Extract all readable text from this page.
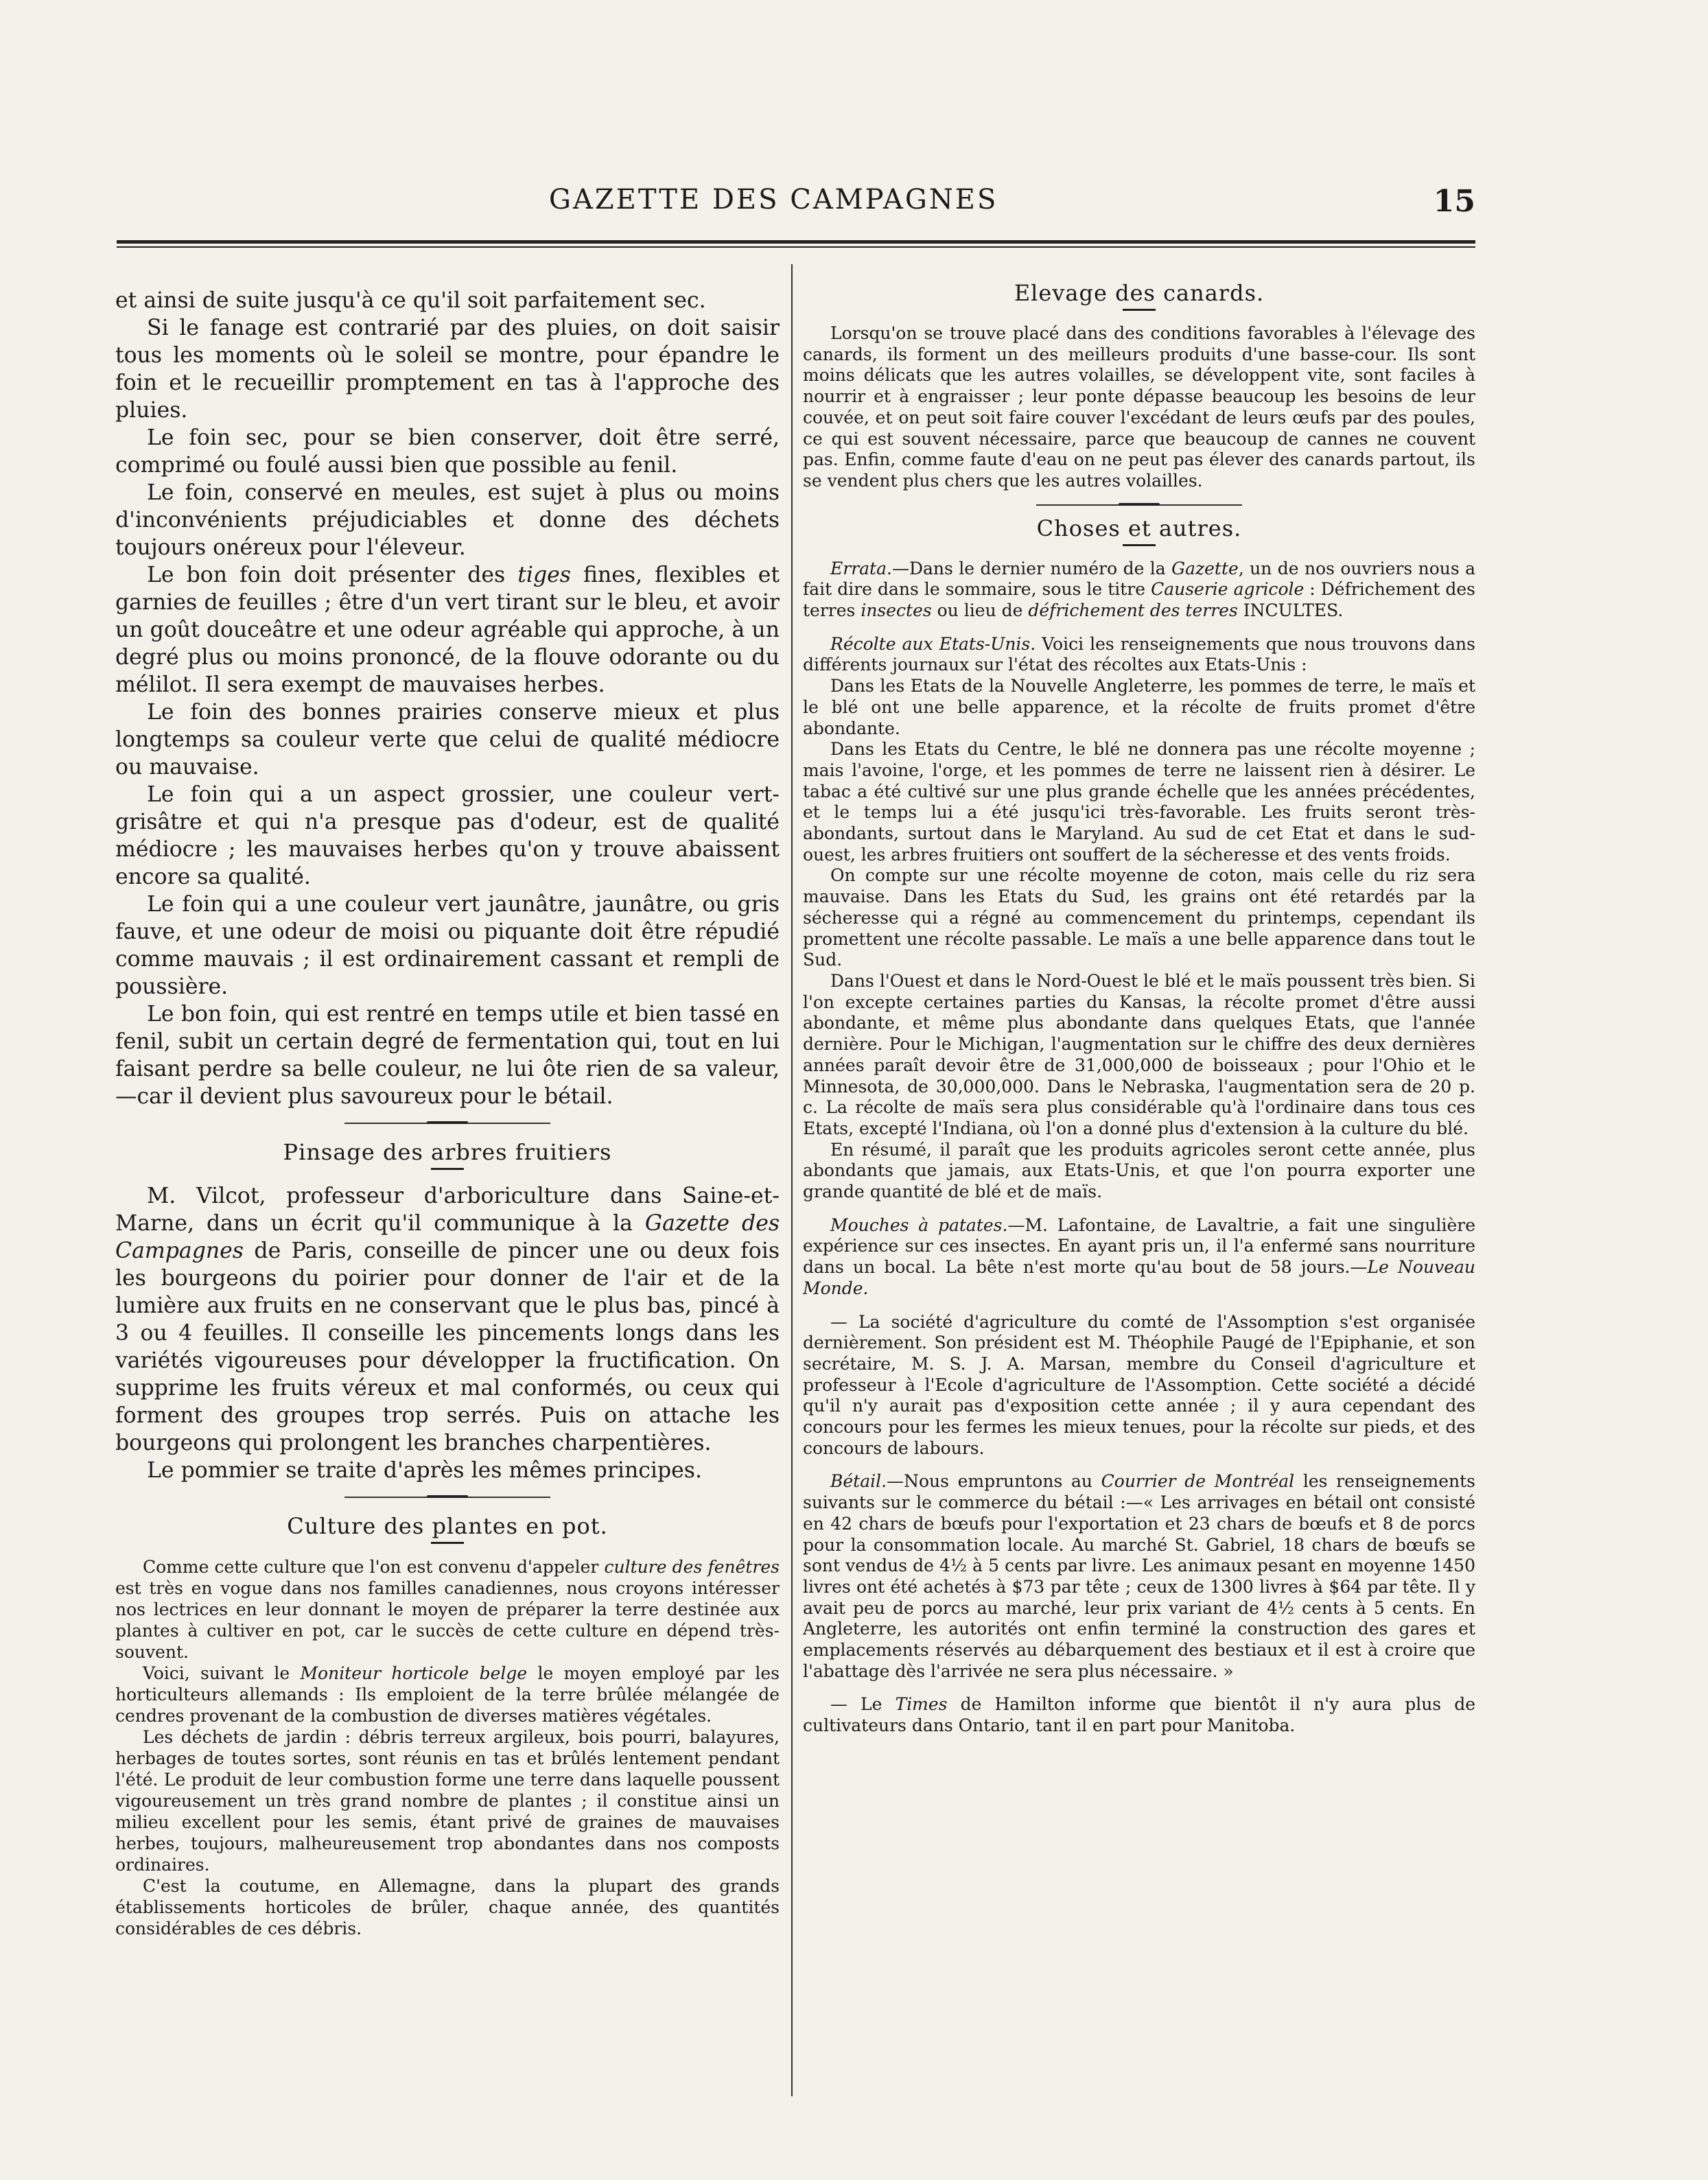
GAZETTE DES CAMPAGNES	15

et ainsi de suite jusqu'à ce qu'il soit parfaitement sec.

Si le fanage est contrarié par des pluies, on doit saisir tous les moments où le soleil se montre, pour épandre le foin et le recueillir promptement en tas à l'approche des pluies.

Le foin sec, pour se bien conserver, doit être serré, comprimé ou foulé aussi bien que possible au fenil.

Le foin, conservé en meules, est sujet à plus ou moins d'inconvénients préjudiciables et donne des déchets toujours onéreux pour l'éleveur.

Le bon foin doit présenter des tiges fines, flexibles et garnies de feuilles ; être d'un vert tirant sur le bleu, et avoir un goût douceâtre et une odeur agréable qui approche, à un degré plus ou moins prononcé, de la flouve odorante ou du mélilot. Il sera exempt de mauvaises herbes.

Le foin des bonnes prairies conserve mieux et plus longtemps sa couleur verte que celui de qualité médiocre ou mauvaise.

Le foin qui a un aspect grossier, une couleur vert-grisâtre et qui n'a presque pas d'odeur, est de qualité médiocre ; les mauvaises herbes qu'on y trouve abaissent encore sa qualité.

Le foin qui a une couleur vert jaunâtre, jaunâtre, ou gris fauve, et une odeur de moisi ou piquante doit être répudié comme mauvais ; il est ordinairement cassant et rempli de poussière.

Le bon foin, qui est rentré en temps utile et bien tassé en fenil, subit un certain degré de fermentation qui, tout en lui faisant perdre sa belle couleur, ne lui ôte rien de sa valeur,—car il devient plus savoureux pour le bétail.

Pinsage des arbres fruitiers

M. Vilcot, professeur d'arboriculture dans Saine-et-Marne, dans un écrit qu'il communique à la Gazette des Campagnes de Paris, conseille de pincer une ou deux fois les bourgeons du poirier pour donner de l'air et de la lumière aux fruits en ne conservant que le plus bas, pincé à 3 ou 4 feuilles. Il conseille les pincements longs dans les variétés vigoureuses pour développer la fructification. On supprime les fruits véreux et mal conformés, ou ceux qui forment des groupes trop serrés. Puis on attache les bourgeons qui prolongent les branches charpentières.

Le pommier se traite d'après les mêmes principes.

Culture des plantes en pot.

Comme cette culture que l'on est convenu d'appeler culture des fenêtres est très en vogue dans nos familles canadiennes, nous croyons intéresser nos lectrices en leur donnant le moyen de préparer la terre destinée aux plantes à cultiver en pot, car le succès de cette culture en dépend très-souvent.

Voici, suivant le Moniteur horticole belge le moyen employé par les horticulteurs allemands : Ils emploient de la terre brûlée mélangée de cendres provenant de la combustion de diverses matières végétales.

Les déchets de jardin : débris terreux argileux, bois pourri, balayures, herbages de toutes sortes, sont réunis en tas et brûlés lentement pendant l'été. Le produit de leur combustion forme une terre dans laquelle poussent vigoureusement un très grand nombre de plantes ; il constitue ainsi un milieu excellent pour les semis, étant privé de graines de mauvaises herbes, toujours, malheureusement trop abondantes dans nos composts ordinaires.

C'est la coutume, en Allemagne, dans la plupart des grands établissements horticoles de brûler, chaque année, des quantités considérables de ces débris.

Elevage des canards.

Lorsqu'on se trouve placé dans des conditions favorables à l'élevage des canards, ils forment un des meilleurs produits d'une basse-cour. Ils sont moins délicats que les autres volailles, se développent vite, sont faciles à nourrir et à engraisser ; leur ponte dépasse beaucoup les besoins de leur couvée, et on peut soit faire couver l'excédant de leurs œufs par des poules, ce qui est souvent nécessaire, parce que beaucoup de cannes ne couvent pas. Enfin, comme faute d'eau on ne peut pas élever des canards partout, ils se vendent plus chers que les autres volailles.

Choses et autres.

Errata.—Dans le dernier numéro de la Gazette, un de nos ouvriers nous a fait dire dans le sommaire, sous le titre Causerie agricole : Défrichement des terres insectes ou lieu de défrichement des terres INCULTES.

Récolte aux Etats-Unis. Voici les renseignements que nous trouvons dans différents journaux sur l'état des récoltes aux Etats-Unis :

Dans les Etats de la Nouvelle Angleterre, les pommes de terre, le maïs et le blé ont une belle apparence, et la récolte de fruits promet d'être abondante.

Dans les Etats du Centre, le blé ne donnera pas une récolte moyenne ; mais l'avoine, l'orge, et les pommes de terre ne laissent rien à désirer. Le tabac a été cultivé sur une plus grande échelle que les années précédentes, et le temps lui a été jusqu'ici très-favorable. Les fruits seront très-abondants, surtout dans le Maryland. Au sud de cet Etat et dans le sud-ouest, les arbres fruitiers ont souffert de la sécheresse et des vents froids.

On compte sur une récolte moyenne de coton, mais celle du riz sera mauvaise. Dans les Etats du Sud, les grains ont été retardés par la sécheresse qui a régné au commencement du printemps, cependant ils promettent une récolte passable. Le maïs a une belle apparence dans tout le Sud.

Dans l'Ouest et dans le Nord-Ouest le blé et le maïs poussent très bien. Si l'on excepte certaines parties du Kansas, la récolte promet d'être aussi abondante, et même plus abondante dans quelques Etats, que l'année dernière. Pour le Michigan, l'augmentation sur le chiffre des deux dernières années paraît devoir être de 31,000,000 de boisseaux ; pour l'Ohio et le Minnesota, de 30,000,000. Dans le Nebraska, l'augmentation sera de 20 p. c. La récolte de maïs sera plus considérable qu'à l'ordinaire dans tous ces Etats, excepté l'Indiana, où l'on a donné plus d'extension à la culture du blé.

En résumé, il paraît que les produits agricoles seront cette année, plus abondants que jamais, aux Etats-Unis, et que l'on pourra exporter une grande quantité de blé et de maïs.

Mouches à patates.—M. Lafontaine, de Lavaltrie, a fait une singulière expérience sur ces insectes. En ayant pris un, il l'a enfermé sans nourriture dans un bocal. La bête n'est morte qu'au bout de 58 jours.—Le Nouveau Monde.

— La société d'agriculture du comté de l'Assomption s'est organisée dernièrement. Son président est M. Théophile Paugé de l'Epiphanie, et son secrétaire, M. S. J. A. Marsan, membre du Conseil d'agriculture et professeur à l'Ecole d'agriculture de l'Assomption. Cette société a décidé qu'il n'y aurait pas d'exposition cette année ; il y aura cependant des concours pour les fermes les mieux tenues, pour la récolte sur pieds, et des concours de labours.

Bétail.—Nous empruntons au Courrier de Montréal les renseignements suivants sur le commerce du bétail :—« Les arrivages en bétail ont consisté en 42 chars de bœufs pour l'exportation et 23 chars de bœufs et 8 de porcs pour la consommation locale. Au marché St. Gabriel, 18 chars de bœufs se sont vendus de 4½ à 5 cents par livre. Les animaux pesant en moyenne 1450 livres ont été achetés à $73 par tête ; ceux de 1300 livres à $64 par tête. Il y avait peu de porcs au marché, leur prix variant de 4½ cents à 5 cents. En Angleterre, les autorités ont enfin terminé la construction des gares et emplacements réservés au débarquement des bestiaux et il est à croire que l'abattage dès l'arrivée ne sera plus nécessaire. »

— Le Times de Hamilton informe que bientôt il n'y aura plus de cultivateurs dans Ontario, tant il en part pour Manitoba.
